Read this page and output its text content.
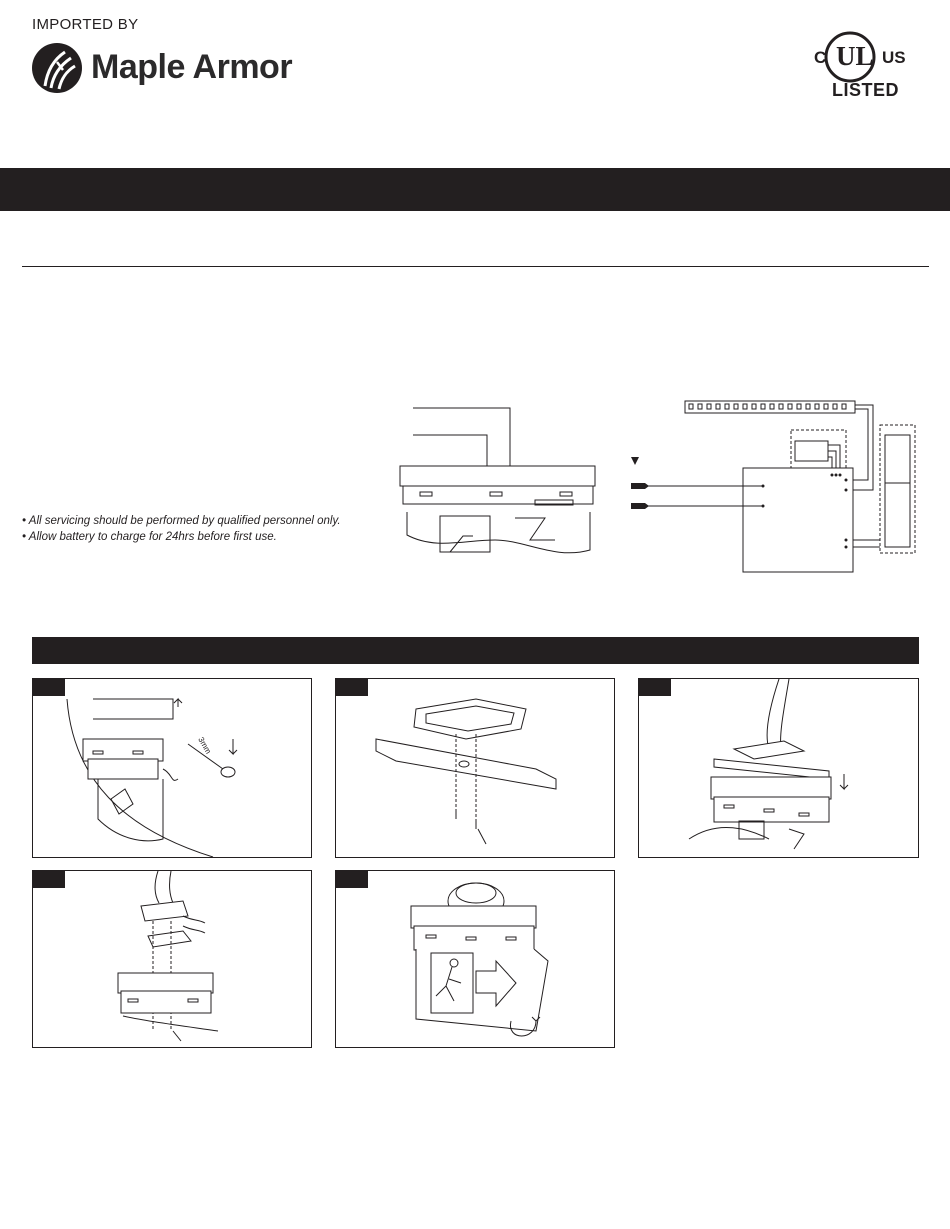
IMPORTED BY
Maple Armor	C UL US
LISTED
• All servicing should be performed by qualified personnel only.
• Allow battery to charge for 24hrs before first use.
3mm
